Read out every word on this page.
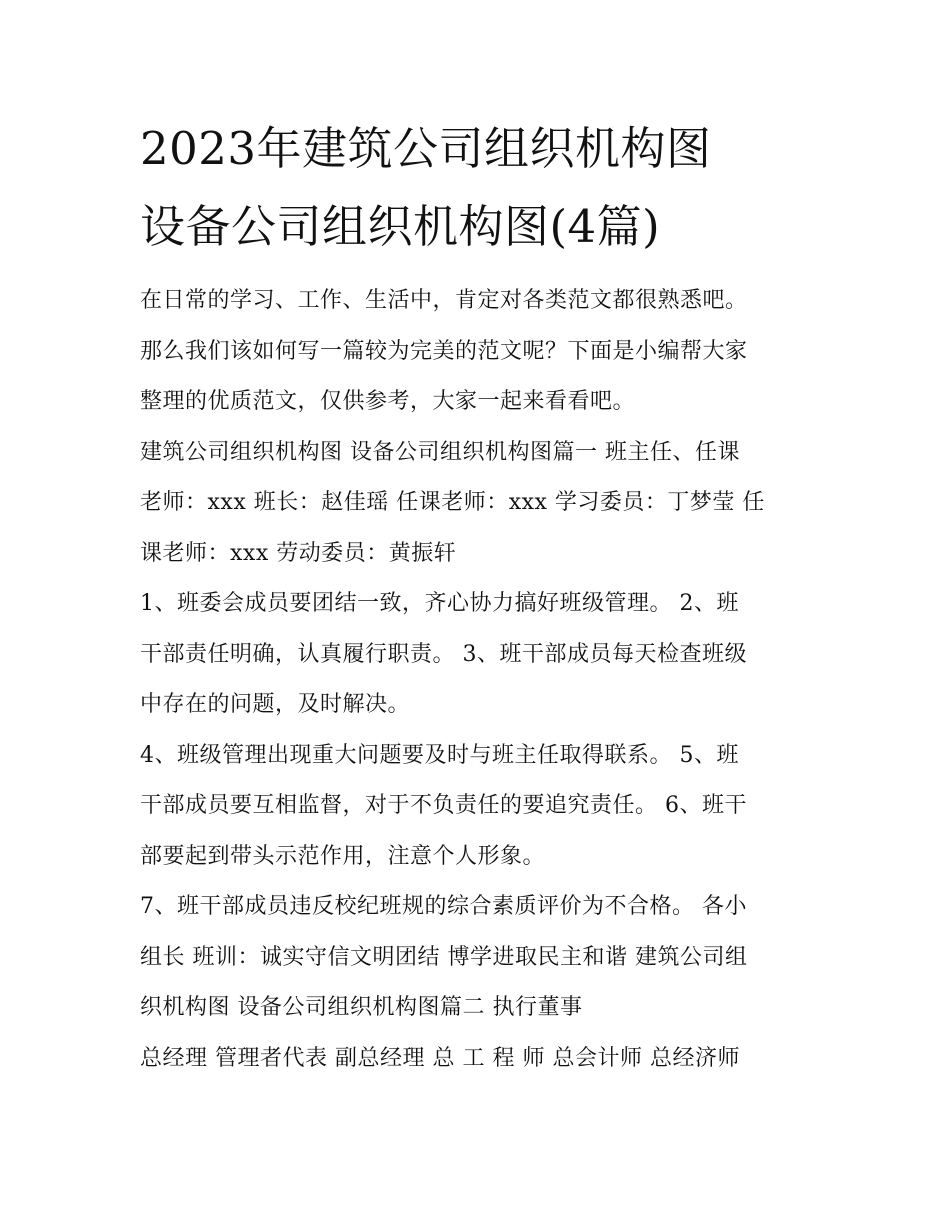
2023年建筑公司组织机构图
设备公司组织机构图(4篇)

在日常的学习、工作、生活中，肯定对各类范文都很熟悉吧。
那么我们该如何写一篇较为完美的范文呢？下面是小编帮大家
整理的优质范文，仅供参考，大家一起来看看吧。

建筑公司组织机构图 设备公司组织机构图篇一 班主任、任课
老师：xxx 班长：赵佳瑶 任课老师：xxx 学习委员：丁梦莹 任
课老师：xxx 劳动委员：黄振轩

1、班委会成员要团结一致，齐心协力搞好班级管理。 2、班
干部责任明确，认真履行职责。 3、班干部成员每天检查班级
中存在的问题，及时解决。

4、班级管理出现重大问题要及时与班主任取得联系。 5、班
干部成员要互相监督，对于不负责任的要追究责任。 6、班干
部要起到带头示范作用，注意个人形象。

7、班干部成员违反校纪班规的综合素质评价为不合格。 各小
组长 班训：诚实守信文明团结 博学进取民主和谐 建筑公司组
织机构图 设备公司组织机构图篇二 执行董事

总经理 管理者代表 副总经理 总 工 程 师 总会计师 总经济师
